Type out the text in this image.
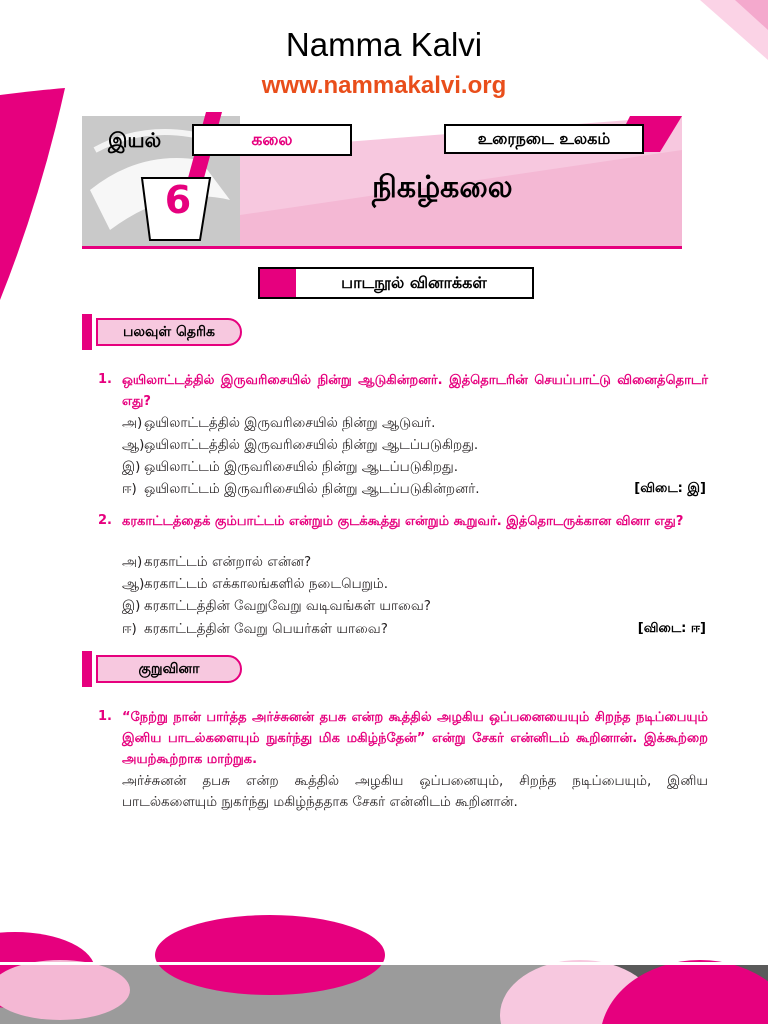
Namma Kalvi
www.nammakalvi.org
இயல்	கலை
6
உரைநடை உலகம்
நிகழ்கலை
பாடநூல் வினாக்கள்
பலவுள் தெரிக
1. ஒயிலாட்டத்தில் இருவரிசையில் நின்று ஆடுகின்றனர். இத்தொடரின் செயப்பாட்டு வினைத்தொடர் எது?
அ) ஒயிலாட்டத்தில் இருவரிசையில் நின்று ஆடுவர்.
ஆ)ஒயிலாட்டத்தில் இருவரிசையில் நின்று ஆடப்படுகிறது.
இ) ஒயிலாட்டம் இருவரிசையில் நின்று ஆடப்படுகிறது.
ஈ) ஒயிலாட்டம் இருவரிசையில் நின்று ஆடப்படுகின்றனர்.	[விடை: இ]
2. கரகாட்டத்தைக் கும்பாட்டம் என்றும் குடக்கூத்து என்றும் கூறுவர். இத்தொடருக்கான வினா எது?
அ) கரகாட்டம் என்றால் என்ன?
ஆ)கரகாட்டம் எக்காலங்களில் நடைபெறும்.
இ) கரகாட்டத்தின் வேறுவேறு வடிவங்கள் யாவை?
ஈ) கரகாட்டத்தின் வேறு பெயர்கள் யாவை?	[விடை: ஈ]
குறுவினா
1. “நேற்று நான் பார்த்த அர்ச்சுனன் தபசு என்ற கூத்தில் அழகிய ஒப்பனையையும் சிறந்த நடிப்பையும் இனிய பாடல்களையும் நுகர்ந்து மிக மகிழ்ந்தேன்” என்று சேகர் என்னிடம் கூறினான். இக்கூற்றை அயற்கூற்றாக மாற்றுக.
அர்ச்சுனன் தபசு என்ற கூத்தில் அழகிய ஒப்பனையும், சிறந்த நடிப்பையும், இனிய பாடல்களையும் நுகர்ந்து மகிழ்ந்ததாக சேகர் என்னிடம் கூறினான்.
